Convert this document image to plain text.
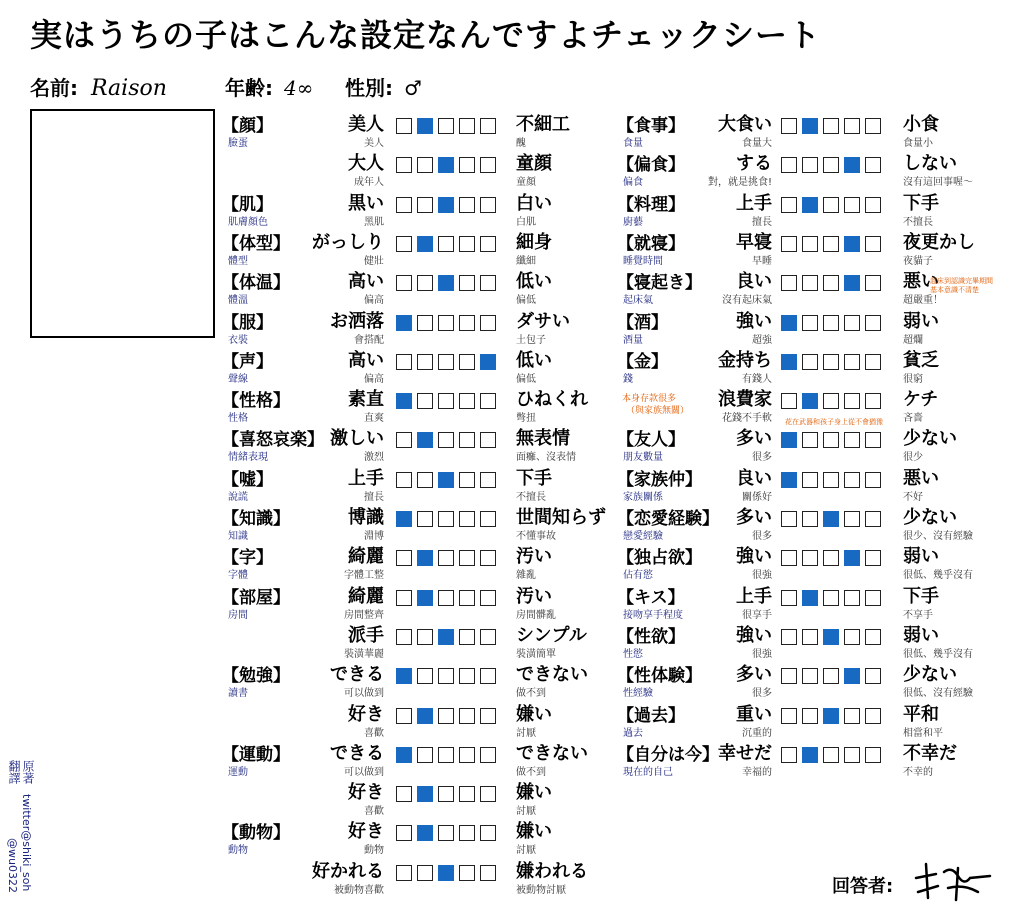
実はうちの子はこんな設定なんですよチェックシート
名前: Raison	年齢: 4∞ 性別: ♂
【顔】
臉蛋
美人
美人
不細工
醜
大人
成年人
童顔
童顏
【肌】
肌膚顏色
黒い
黑肌
白い
白肌
【体型】
體型
がっしり
健壯
細身
纖細
【体温】
體溫
高い
偏高
低い
偏低
【服】
衣裝
お洒落
會搭配
ダサい
土包子
【声】
聲線
高い
偏高
低い
偏低
【性格】
性格
素直
直爽
ひねくれ
彆扭
【喜怒哀楽】
情緒表現
激しい
激烈
無表情
面癱、沒表情
【嘘】
說謊
上手
擅長
下手
不擅長
【知識】
知識
博識
淵博
世間知らず
不懂事故
【字】
字體
綺麗
字體工整
汚い
雜亂
【部屋】
房間
綺麗
房間整齊
汚い
房間髒亂
派手
裝潢華麗
シンプル
裝潢簡單
【勉強】
讀書
できる
可以做到
できない
做不到
好き
喜歡
嫌い
討厭
【運動】
運動
できる
可以做到
できない
做不到
好き
喜歡
嫌い
討厭
【動物】
動物
好き
動物
嫌い
討厭
好かれる
被動物喜歡
嫌われる
被動物討厭
【食事】
食量
大食い
食量大
小食
食量小
【偏食】
偏食
する
對，就是挑食!
しない
沒有這回事喔～
【料理】
廚藝
上手
擅長
下手
不擅長
【就寝】
睡覺時間
早寝
早睡
夜更かし
夜貓子
【寝起き】
起床氣
良い
沒有起床氣
悪い
超嚴重！
【酒】
酒量
強い
超強
弱い
超爛
【金】
錢
金持ち
有錢人
貧乏
很窮
浪費家
花錢不手軟
ケチ
吝嗇
【友人】
朋友數量
多い
很多
少ない
很少
【家族仲】
家族關係
良い
關係好
悪い
不好
【恋愛経験】
戀愛經驗
多い
很多
少ない
很少、沒有經驗
【独占欲】
佔有慾
強い
很強
弱い
很低、幾乎沒有
【キス】
接吻享手程度
上手
很享手
下手
不享手
【性欲】
性慾
強い
很強
弱い
很低、幾乎沒有
【性体験】
性經驗
多い
很多
少ない
很低、沒有經驗
【過去】
過去
重い
沉重的
平和
相當和平
【自分は今】
現在的自己
幸せだ
幸福的
不幸だ
不幸的
本身存款很多
（與家族無關）
花在武器和孩子身上從不會猶豫
起床到認識完畢期間
基本意識不清楚
原著
翻譯
twitter@shiki_soh
@wu0322	回答者:
